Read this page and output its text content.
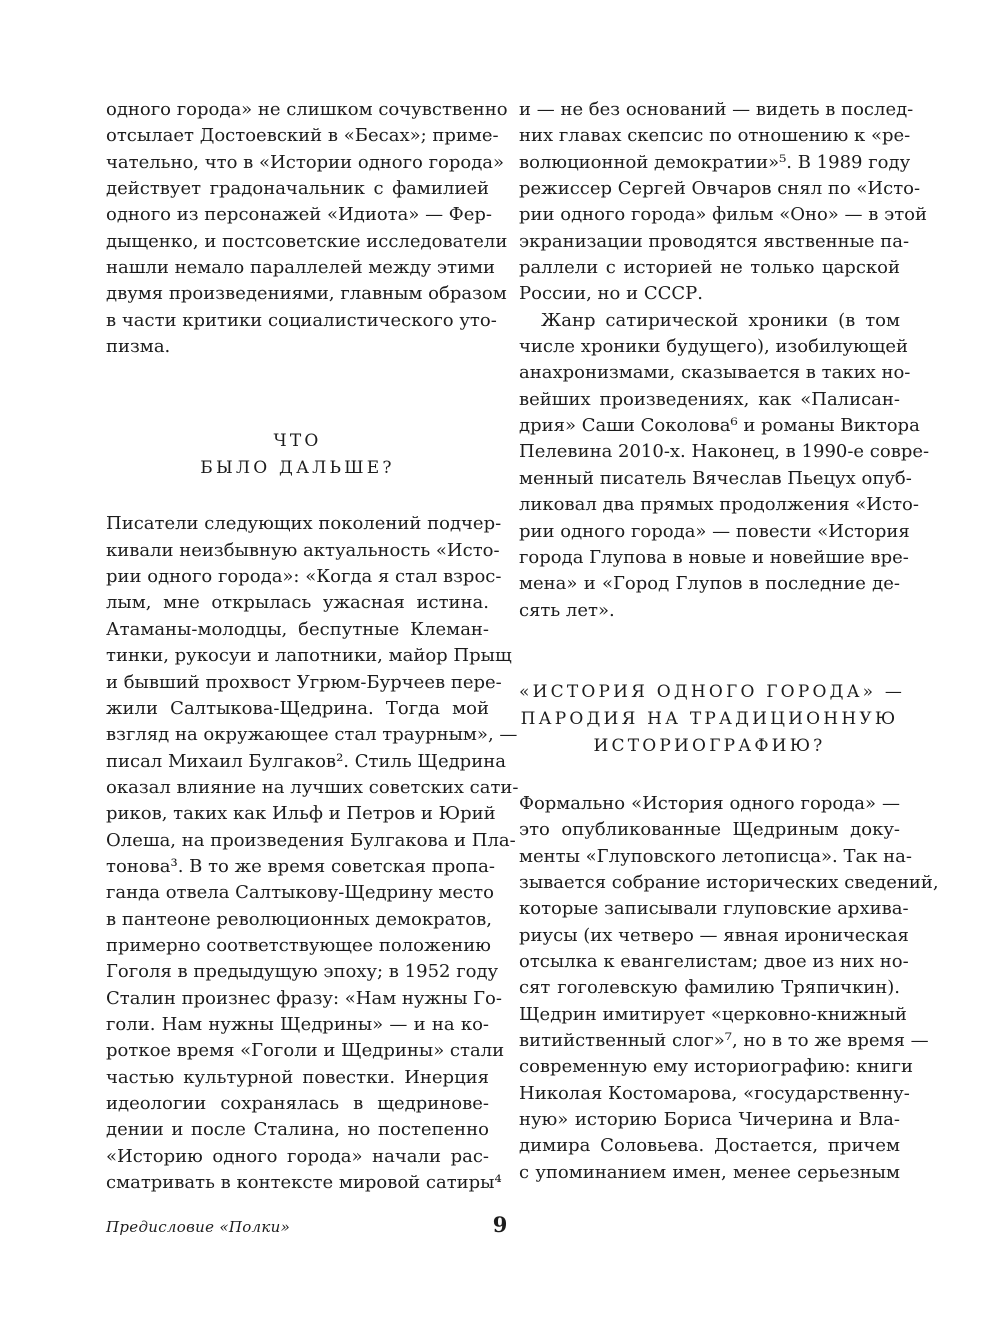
одного города» не слишком сочувственно
отсылает Достоевский в «Бесах»; приме-
чательно, что в «Истории одного города»
действует градоначальник с фамилией
одного из персонажей «Идиота» — Фер-
дыщенко, и постсоветские исследователи
нашли немало параллелей между этими
двумя произведениями, главным образом
в части критики социалистического уто-
пизма.
ЧТО
БЫЛО ДАЛЬШЕ?
Писатели следующих поколений подчер-
кивали неизбывную актуальность «Исто-
рии одного города»: «Когда я стал взрос-
лым, мне открылась ужасная истина.
Атаманы-молодцы, беспутные Клеман-
тинки, рукосуи и лапотники, майор Прыщ
и бывший прохвост Угрюм-Бурчеев пере-
жили Салтыкова-Щедрина. Тогда мой
взгляд на окружающее стал траурным», —
писал Михаил Булгаков². Стиль Щедрина
оказал влияние на лучших советских сати-
риков, таких как Ильф и Петров и Юрий
Олеша, на произведения Булгакова и Пла-
тонова³. В то же время советская пропа-
ганда отвела Салтыкову-Щедрину место
в пантеоне революционных демократов,
примерно соответствующее положению
Гоголя в предыдущую эпоху; в 1952 году
Сталин произнес фразу: «Нам нужны Го-
голи. Нам нужны Щедрины» — и на ко-
роткое время «Гоголи и Щедрины» стали
частью культурной повестки. Инерция
идеологии сохранялась в щедринове-
дении и после Сталина, но постепенно
«Историю одного города» начали рас-
сматривать в контексте мировой сатиры⁴
и — не без оснований — видеть в послед-
них главах скепсис по отношению к «ре-
волюционной демократии»⁵. В 1989 году
режиссер Сергей Овчаров снял по «Исто-
рии одного города» фильм «Оно» — в этой
экранизации проводятся явственные па-
раллели с историей не только царской
России, но и СССР.
Жанр сатирической хроники (в том
числе хроники будущего), изобилующей
анахронизмами, сказывается в таких но-
вейших произведениях, как «Палисан-
дрия» Саши Соколова⁶ и романы Виктора
Пелевина 2010-х. Наконец, в 1990-е совре-
менный писатель Вячеслав Пьецух опуб-
ликовал два прямых продолжения «Исто-
рии одного города» — повести «История
города Глупова в новые и новейшие вре-
мена» и «Город Глупов в последние де-
сять лет».
«ИСТОРИЯ ОДНОГО ГОРОДА» —
ПАРОДИЯ НА ТРАДИЦИОННУЮ
ИСТОРИОГРАФИЮ?
Формально «История одного города» —
это опубликованные Щедриным доку-
менты «Глуповского летописца». Так на-
зывается собрание исторических сведений,
которые записывали глуповские архива-
риусы (их четверо — явная ироническая
отсылка к евангелистам; двое из них но-
сят гоголевскую фамилию Тряпичкин).
Щедрин имитирует «церковно-книжный
витийственный слог»⁷, но в то же время —
современную ему историографию: книги
Николая Костомарова, «государственну-
ную» историю Бориса Чичерина и Вла-
димира Соловьева. Достается, причем
с упоминанием имен, менее серьезным
Предисловие «Полки»	9
